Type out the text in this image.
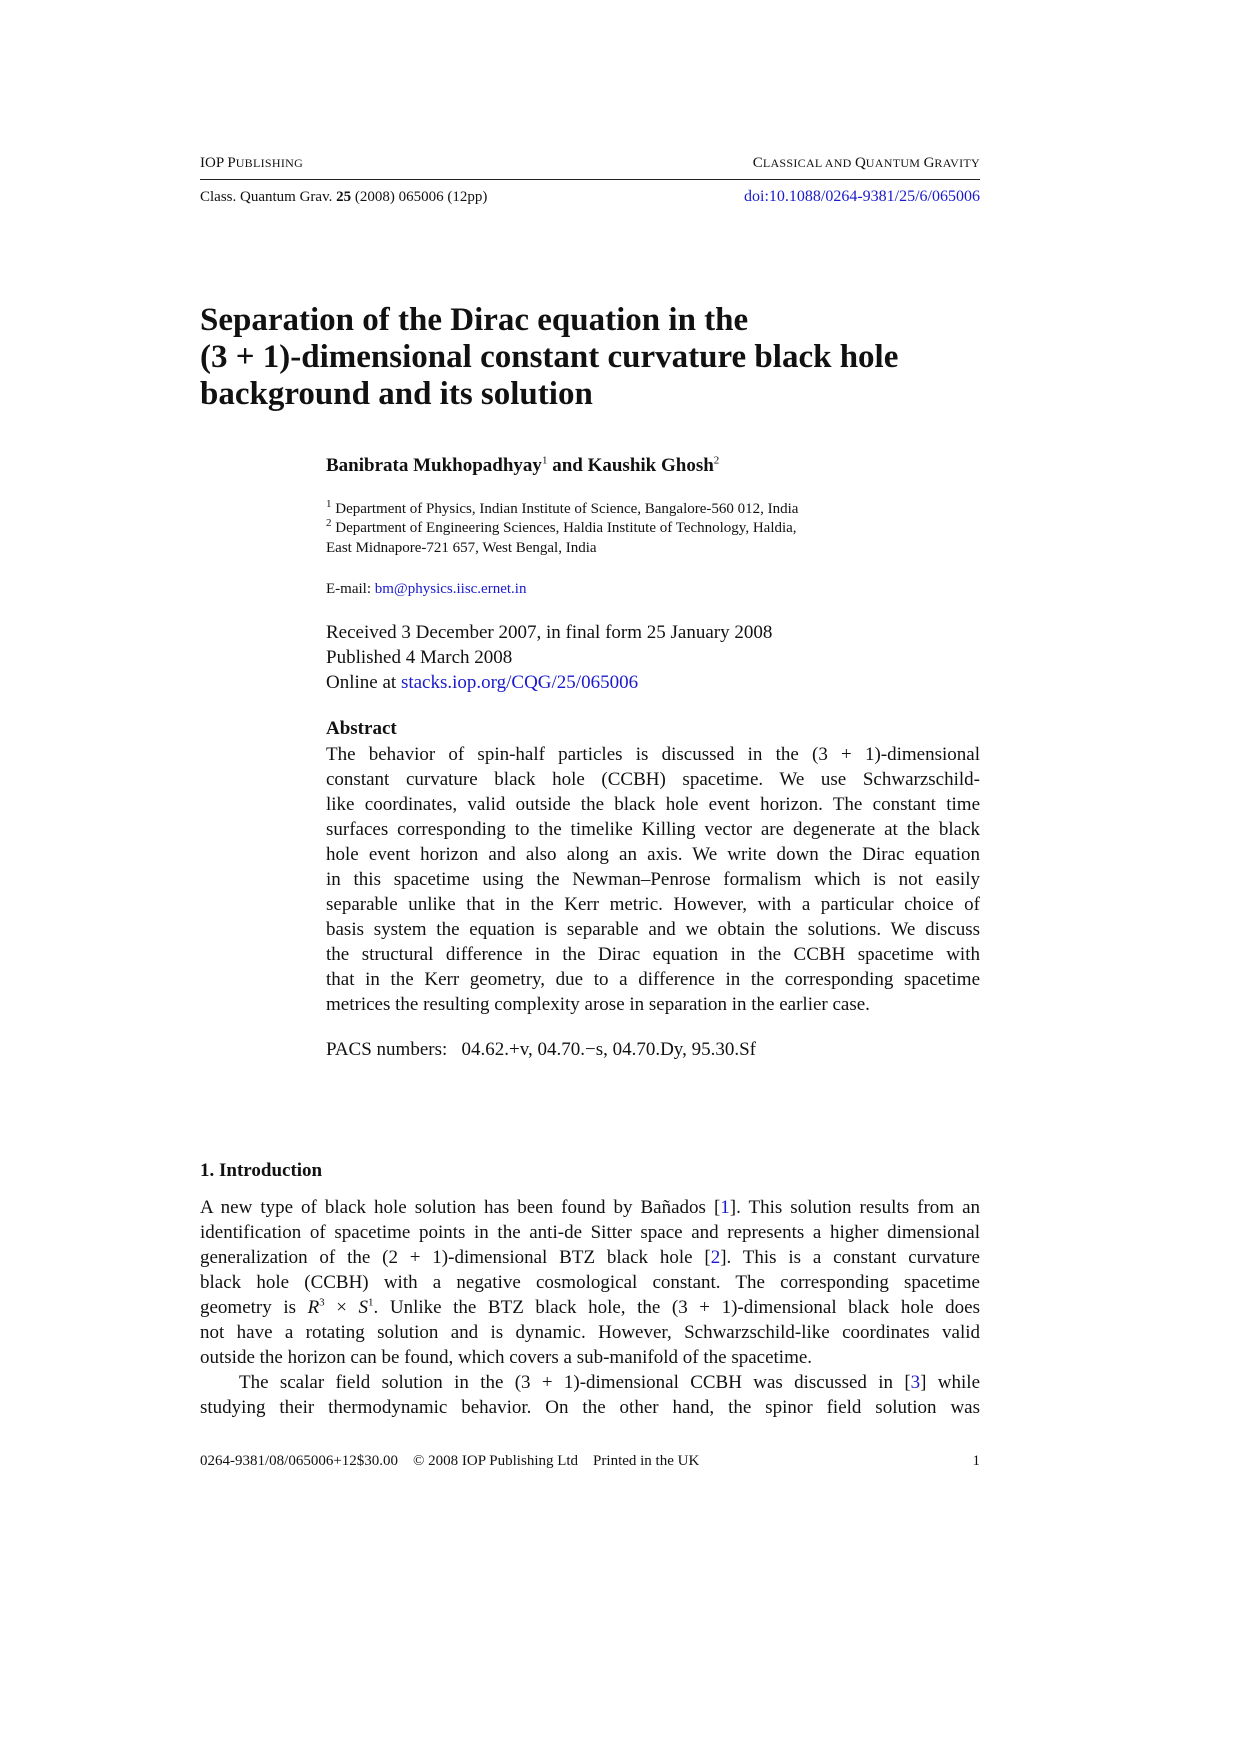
IOP PUBLISHING	CLASSICAL AND QUANTUM GRAVITY
Class. Quantum Grav. 25 (2008) 065006 (12pp)	doi:10.1088/0264-9381/25/6/065006
Separation of the Dirac equation in the
(3 + 1)-dimensional constant curvature black hole
background and its solution
Banibrata Mukhopadhyay$^1$ and Kaushik Ghosh$^2$
$^1$ Department of Physics, Indian Institute of Science, Bangalore-560 012, India
$^2$ Department of Engineering Sciences, Haldia Institute of Technology, Haldia,
East Midnapore-721 657, West Bengal, India
E-mail: bm@physics.iisc.ernet.in
Received 3 December 2007, in final form 25 January 2008
Published 4 March 2008
Online at stacks.iop.org/CQG/25/065006
Abstract
The behavior of spin-half particles is discussed in the (3 + 1)-dimensional
constant curvature black hole (CCBH) spacetime. We use Schwarzschild-
like coordinates, valid outside the black hole event horizon. The constant time
surfaces corresponding to the timelike Killing vector are degenerate at the black
hole event horizon and also along an axis. We write down the Dirac equation
in this spacetime using the Newman–Penrose formalism which is not easily
separable unlike that in the Kerr metric. However, with a particular choice of
basis system the equation is separable and we obtain the solutions. We discuss
the structural difference in the Dirac equation in the CCBH spacetime with
that in the Kerr geometry, due to a difference in the corresponding spacetime
metrices the resulting complexity arose in separation in the earlier case.
PACS numbers:   04.62.+v, 04.70.−s, 04.70.Dy, 95.30.Sf
1. Introduction
A new type of black hole solution has been found by Bañados [1]. This solution results from an
identification of spacetime points in the anti-de Sitter space and represents a higher dimensional
generalization of the (2 + 1)-dimensional BTZ black hole [2]. This is a constant curvature
black hole (CCBH) with a negative cosmological constant. The corresponding spacetime
geometry is $R^3 \times S^1$. Unlike the BTZ black hole, the (3 + 1)-dimensional black hole does
not have a rotating solution and is dynamic. However, Schwarzschild-like coordinates valid
outside the horizon can be found, which covers a sub-manifold of the spacetime.
The scalar field solution in the (3 + 1)-dimensional CCBH was discussed in [3] while
studying their thermodynamic behavior. On the other hand, the spinor field solution was
0264-9381/08/065006+12$30.00    © 2008 IOP Publishing Ltd    Printed in the UK	1
